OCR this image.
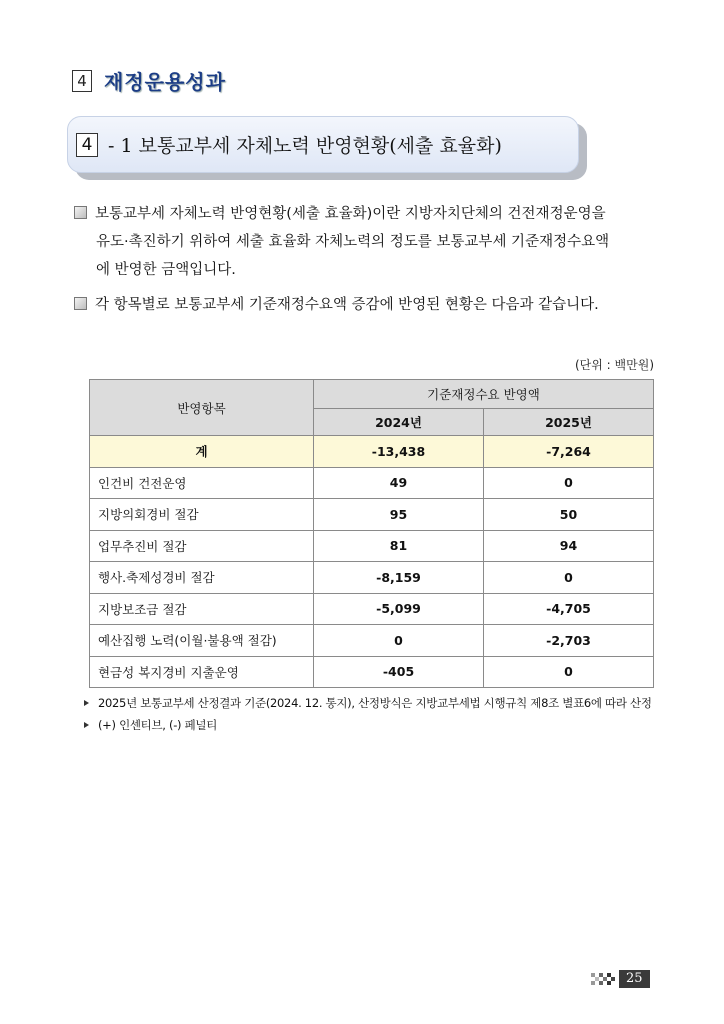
4 재정운용성과
4 - 1 보통교부세 자체노력 반영현황(세출 효율화)
보통교부세 자체노력 반영현황(세출 효율화)이란 지방자치단체의 건전재정운영을
유도·촉진하기 위하여 세출 효율화 자체노력의 정도를 보통교부세 기준재정수요액
에 반영한 금액입니다.
각 항목별로 보통교부세 기준재정수요액 증감에 반영된 현황은 다음과 같습니다.
(단위 : 백만원)
반영항목	기준재정수요 반영액	
	2024년	2025년
계	-13,438	-7,264
인건비 건전운영	49	0
지방의회경비 절감	95	50
업무추진비 절감	81	94
행사.축제성경비 절감	-8,159	0
지방보조금 절감	-5,099	-4,705
예산집행 노력(이월·불용액 절감)	0	-2,703
현금성 복지경비 지출운영	-405	0
2025년 보통교부세 산정결과 기준(2024. 12. 통지), 산정방식은 지방교부세법 시행규칙 제8조 별표6에 따라 산정
(+) 인센티브, (-) 페널티
25
